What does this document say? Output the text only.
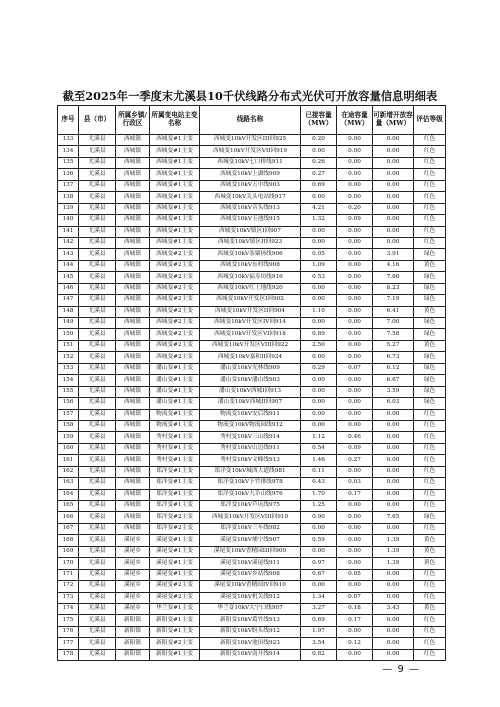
截至2025年一季度末尤溪县10千伏线路分布式光伏可开放容量信息明细表
序号	县（市）	所属乡镇/行政区	所属变电站主变名称	线路名称	已接容量（MW）	在途容量（MW）	可新增开放容量（MW）	评估等级
133	尤溪县	西城镇	西城变#1主变	西城变10kV开发区III回925	0.20	0.00	0.00	红色
134	尤溪县	西城镇	西城变#1主变	西城变10kV开发区VII回919	0.00	0.00	0.00	红色
135	尤溪县	西城镇	西城变#1主变	西城变10kV七口桥线911	0.26	0.00	0.00	红色
136	尤溪县	西城镇	西城变#1主变	西城变10kV上湖线909	0.27	0.00	0.00	红色
137	尤溪县	西城镇	西城变#1主变	西城变10kV五中线903	0.69	0.00	0.00	红色
138	尤溪县	西城镇	西城变#1主变	西城变10kV关头电站线917	0.00	0.00	0.00	红色
139	尤溪县	西城镇	西城变#1主变	西城变10kV音头线913	4.21	0.20	0.00	红色
140	尤溪县	西城镇	西城变#1主变	西城变10kV玉池线915	1.32	0.09	0.00	红色
141	尤溪县	西城镇	西城变#1主变	西城变10kV镇区I回907	0.00	0.00	0.00	红色
142	尤溪县	西城镇	西城变#1主变	西城变10kV镇区II回923	0.00	0.00	0.00	红色
143	尤溪县	西城镇	西城变#2主变	西城变10kV茶粟扬线906	0.05	0.00	3.91	绿色
144	尤溪县	西城镇	西城变#2主变	西城变10kV东村线908	1.09	0.00	4.16	黄色
145	尤溪县	西城镇	西城变#2主变	西城变10kV福寿坊线916	0.53	0.00	7.86	绿色
146	尤溪县	西城镇	西城变#2主变	西城变10kV红土地线920	0.00	0.00	8.23	绿色
147	尤溪县	西城镇	西城变#2主变	西城变10kV开发区I回902	0.00	0.00	7.19	绿色
148	尤溪县	西城镇	西城变#2主变	西城变10kV开发区II回904	1.10	0.00	6.41	黄色
149	尤溪县	西城镇	西城变#2主变	西城变10kV开发区IV回914	0.00	0.00	7.00	绿色
150	尤溪县	西城镇	西城变#2主变	西城变10kV开发区VI回918	0.89	0.00	7.58	绿色
151	尤溪县	西城镇	西城变#2主变	西城变10kV开发区VIII回922	2.50	0.00	5.27	黄色
152	尤溪县	西城镇	西城变#2主变	西城变10kV嘉和II回924	0.00	0.00	6.73	绿色
153	尤溪县	西城镇	潘山变#1主变	潘山变10kV光林线909	0.29	0.07	6.12	绿色
154	尤溪县	西城镇	潘山变#1主变	潘山变10kV潘山线903	0.00	0.00	6.67	绿色
155	尤溪县	西城镇	潘山变#1主变	潘山变10kV西城I回913	0.00	0.00	3.59	绿色
156	尤溪县	西城镇	潘山变#1主变	潘山变10kV西城II回907	0.00	0.00	6.03	绿色
157	尤溪县	西城镇	物流变#1主变	物流变10kV安后线911	0.00	0.00	0.00	红色
158	尤溪县	西城镇	物流变#1主变	物流变10kV物流园线912	0.00	0.00	0.00	红色
159	尤溪县	西城镇	秀村变#1主变	秀村变10kV三山线914	1.12	0.46	0.00	红色
160	尤溪县	西城镇	秀村变#1主变	秀村变10kV山边线911	0.54	0.09	0.00	红色
161	尤溪县	西城镇	秀村变#1主变	秀村变10kV文峰线913	1.46	0.27	0.00	红色
162	尤溪县	西城镇	郑洋变#1主变	郑洋变10kV城西大道线981	0.11	0.00	0.00	红色
163	尤溪县	西城镇	郑洋变#1主变	郑洋变10kV下竹排线978	0.43	0.03	0.00	红色
164	尤溪县	西城镇	郑洋变#1主变	郑洋变10kV九阜山线976	1.70	0.17	0.00	红色
165	尤溪县	西城镇	郑洋变#1主变	郑洋变10kV芦坑线975	1.25	0.00	0.00	红色
166	尤溪县	西城镇	郑洋变#2主变	西城变10kV开发区VIII回910	0.90	0.00	7.65	绿色
167	尤溪县	西城镇	郑洋变#2主变	郑洋变10kV三车线982	0.00	0.00	0.00	红色
168	尤溪县	溪尾乡	溪尾变#1主变	溪尾变10kV埔宁线907	0.59	0.00	1.39	黄色
169	尤溪县	溪尾乡	溪尾变#1主变	溪尾变10kV香精园III回909	0.00	0.00	1.39	黄色
170	尤溪县	溪尾乡	溪尾变#1主变	溪尾变10kV溪尾线911	0.97	0.00	1.39	黄色
171	尤溪县	溪尾乡	溪尾变#1主变	溪尾变10kV乡站线908	0.67	0.05	0.00	红色
172	尤溪县	溪尾乡	溪尾变#2主变	溪尾变10kV香精园IV回910	0.00	0.00	0.00	红色
173	尤溪县	溪尾乡	溪尾变#2主变	溪尾变10kV机关线912	1.34	0.07	0.00	红色
174	尤溪县	溪尾乡	华兰变#1主变	华兰变10kV大宁口线907	3.27	0.18	3.43	黄色
175	尤溪县	新阳镇	新阳变#1主变	新阳变10kV葛竹线913	0.69	0.17	0.00	红色
176	尤溪县	新阳镇	新阳变#1主变	新阳变10kV盼头线912	1.97	0.00	0.00	红色
177	尤溪县	新阳镇	新阳变#2主变	新阳变10kV池田线923	3.54	0.12	0.00	红色
178	尤溪县	新阳镇	新阳变#1主变	新阳变10kV南开线914	0.82	0.00	0.00	红色
— 9 —
